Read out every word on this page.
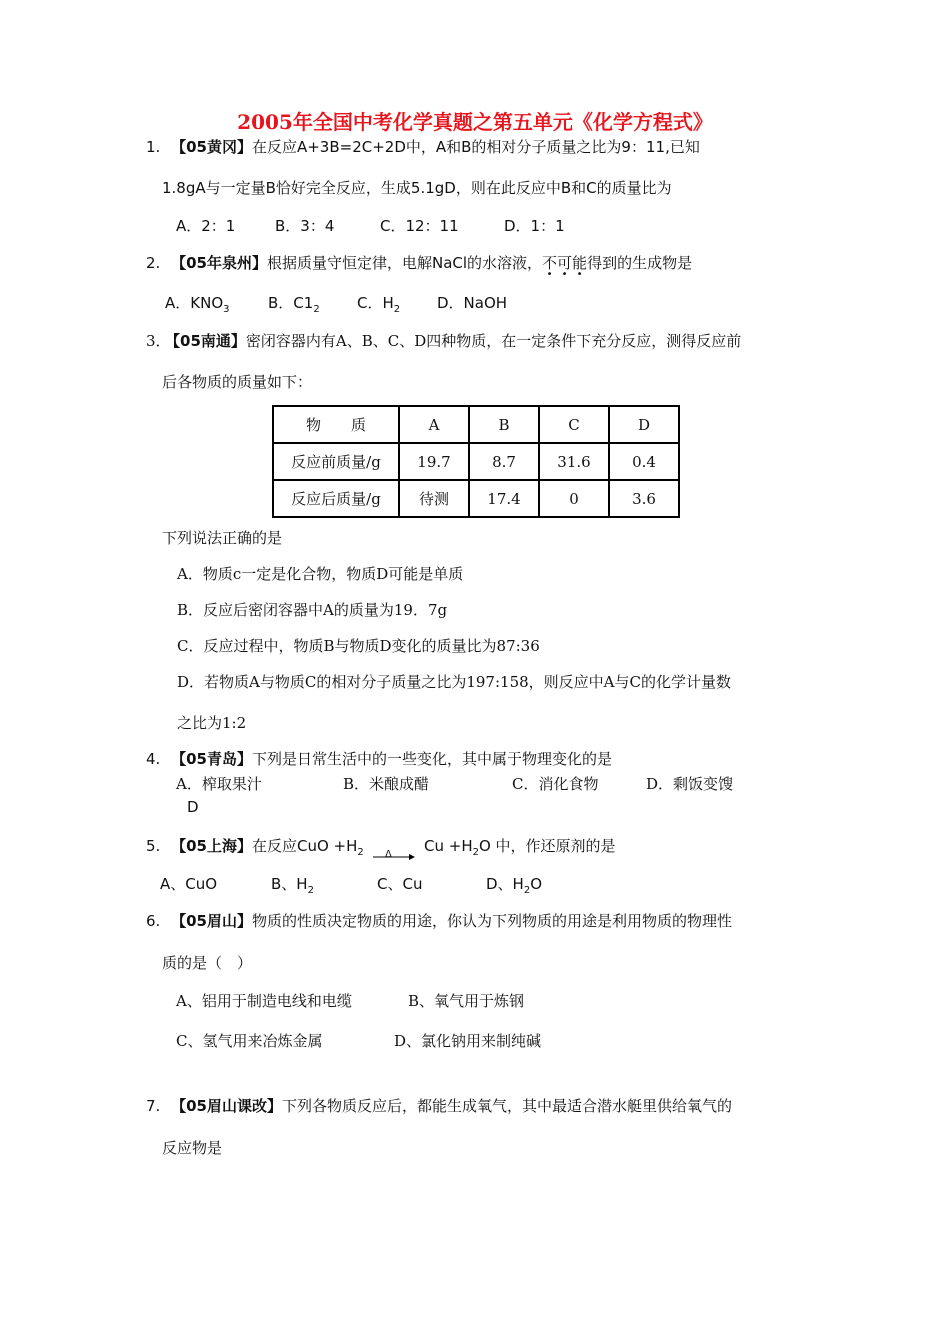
2005年全国中考化学真题之第五单元《化学方程式》
1. 【05黄冈】在反应A+3B=2C+2D中，A和B的相对分子质量之比为9：11,已知
1.8gA与一定量B恰好完全反应，生成5.1gD，则在此反应中B和C的质量比为
A．2：1	B．3：4	C．12：11	D．1：1
2. 【05年泉州】根据质量守恒定律，电解NaCl的水溶液，不
•
可
•
能
•
得到的生成物是
A．$KNO_3$	B．$C1_2$ C．$H_2$ D．NaOH
3． 【05南通】密闭容器内有A、B、C、D四种物质，在一定条件下充分反应，测得反应前
后各物质的质量如下：
物　　质	A	B	C	D
反应前质量/g	19.7	8.7	31.6	0.4
反应后质量/g	待测	17.4	0	3.6
下列说法正确的是
A．物质c一定是化合物，物质D可能是单质
B．反应后密闭容器中A的质量为19．7g
C．反应过程中，物质B与物质D变化的质量比为87:36
D．若物质A与物质C的相对分子质量之比为197:158，则反应中A与C的化学计量数
之比为1:2
4. 【05青岛】下列是日常生活中的一些变化，其中属于物理变化的是
A．榨取果汁	B．米酿成醋	C．消化食物	D．剩饭变馊
D
5. 【05上海】在反应CuO $+H_2$ →
Δ $Cu +H_2O$ 中，作还原剂的是
A、CuO	B、$H_2$	C、Cu	D、$H_2O$
6. 【05眉山】物质的性质决定物质的用途，你认为下列物质的用途是利用物质的物理性
质的是（　）
A、铝用于制造电线和电缆	B、氧气用于炼钢
C、氢气用来冶炼金属	D、氯化钠用来制纯碱
7. 【05眉山课改】下列各物质反应后，都能生成氧气，其中最适合潜水艇里供给氧气的
反应物是
